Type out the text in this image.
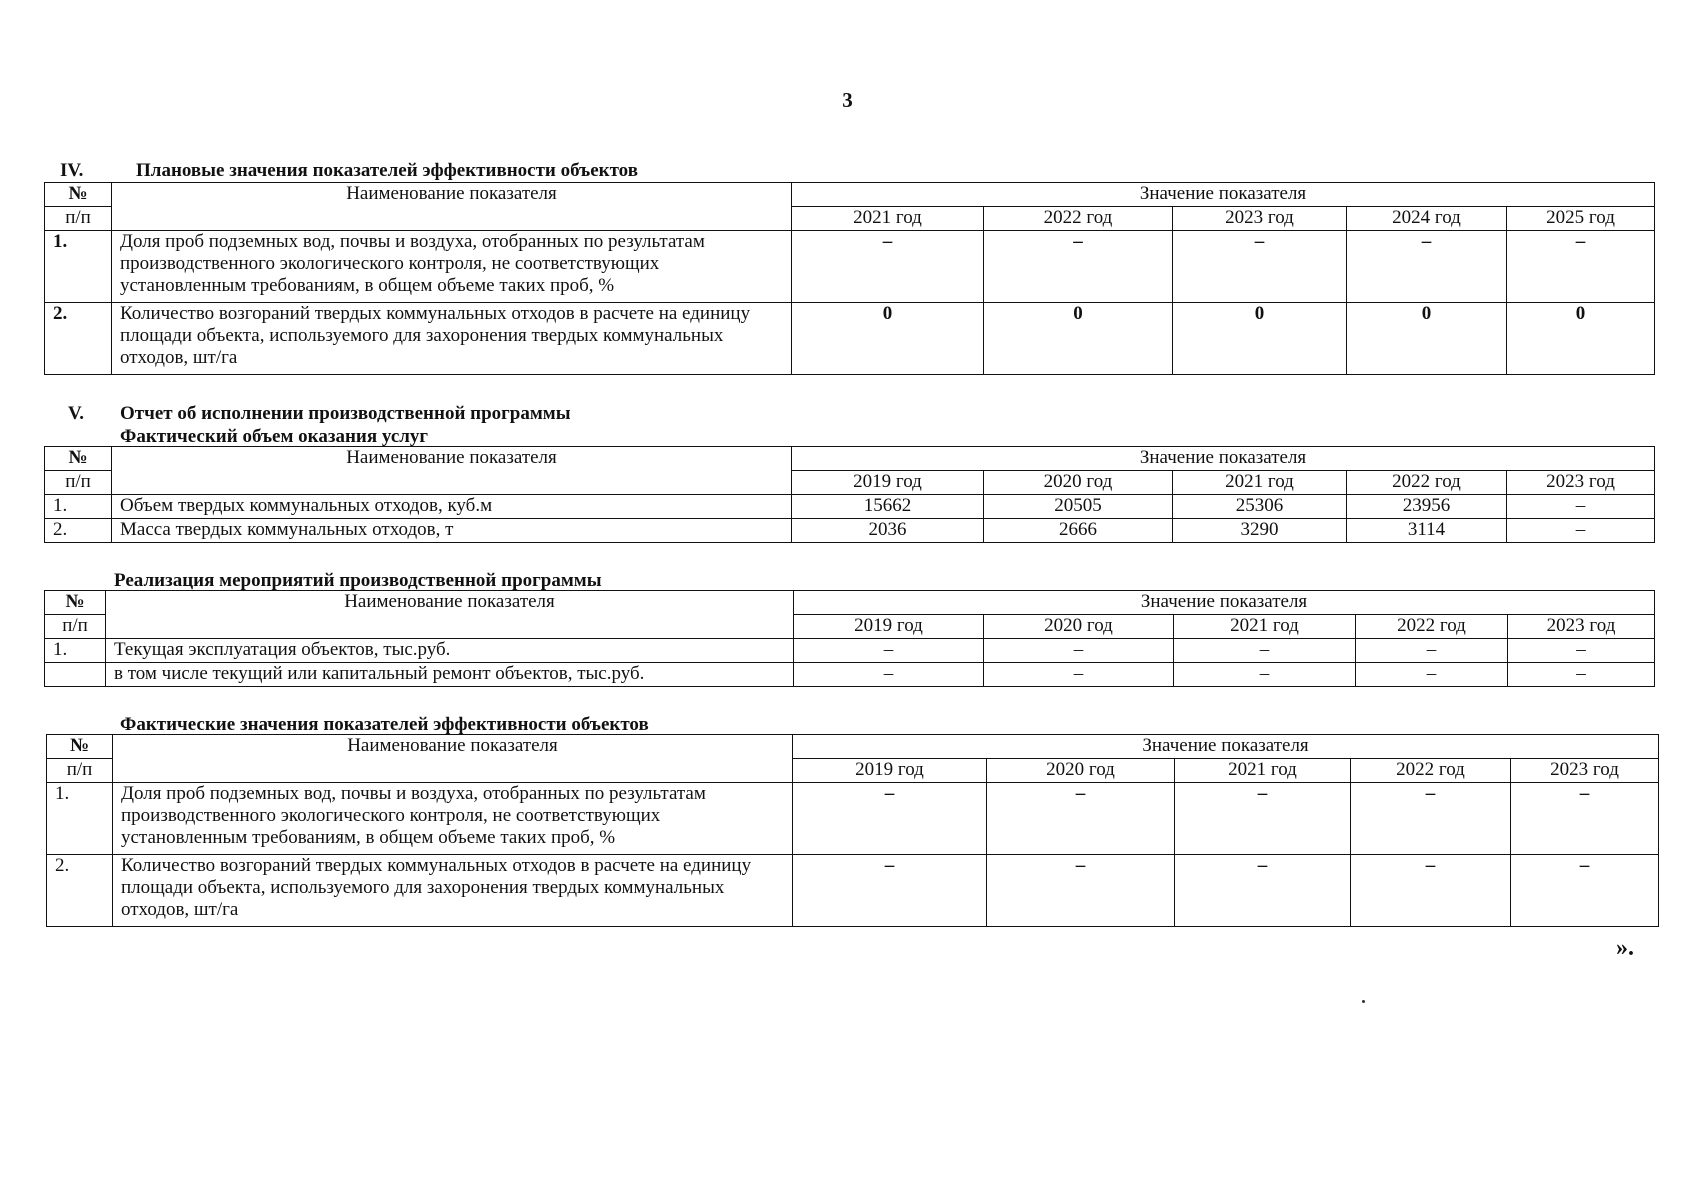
3
IV.	Плановые значения показателей эффективности объектов
№	Наименование показателя	Значение показателя				
п/п		2021 год	2022 год	2023 год	2024 год	2025 год
1.	Доля проб подземных вод, почвы и воздуха, отобранных по результатам производственного экологического контроля, не соответствующих установленным требованиям, в общем объеме таких проб, %	–	–	–	–	–
2.	Количество возгораний твердых коммунальных отходов в расчете на единицу площади объекта, используемого для захоронения твердых коммунальных отходов, шт/га	0	0	0	0	0
V. Отчет об исполнении производственной программы
Фактический объем оказания услуг
№	Наименование показателя	Значение показателя				
п/п		2019 год	2020 год	2021 год	2022 год	2023 год
1.	Объем твердых коммунальных отходов, куб.м	15662	20505	25306	23956	–
2.	Масса твердых коммунальных отходов, т	2036	2666	3290	3114	–
Реализация мероприятий производственной программы
№	Наименование показателя	Значение показателя				
п/п		2019 год	2020 год	2021 год	2022 год	2023 год
1.	Текущая эксплуатация объектов, тыс.руб.	–	–	–	–	–
	в том числе текущий или капитальный ремонт объектов, тыс.руб.	–	–	–	–	–
Фактические значения показателей эффективности объектов
№	Наименование показателя	Значение показателя				
п/п		2019 год	2020 год	2021 год	2022 год	2023 год
1.	Доля проб подземных вод, почвы и воздуха, отобранных по результатам производственного экологического контроля, не соответствующих установленным требованиям, в общем объеме таких проб, %	–	–	–	–	–
2.	Количество возгораний твердых коммунальных отходов в расчете на единицу площади объекта, используемого для захоронения твердых коммунальных отходов, шт/га	–	–	–	–	–
».
